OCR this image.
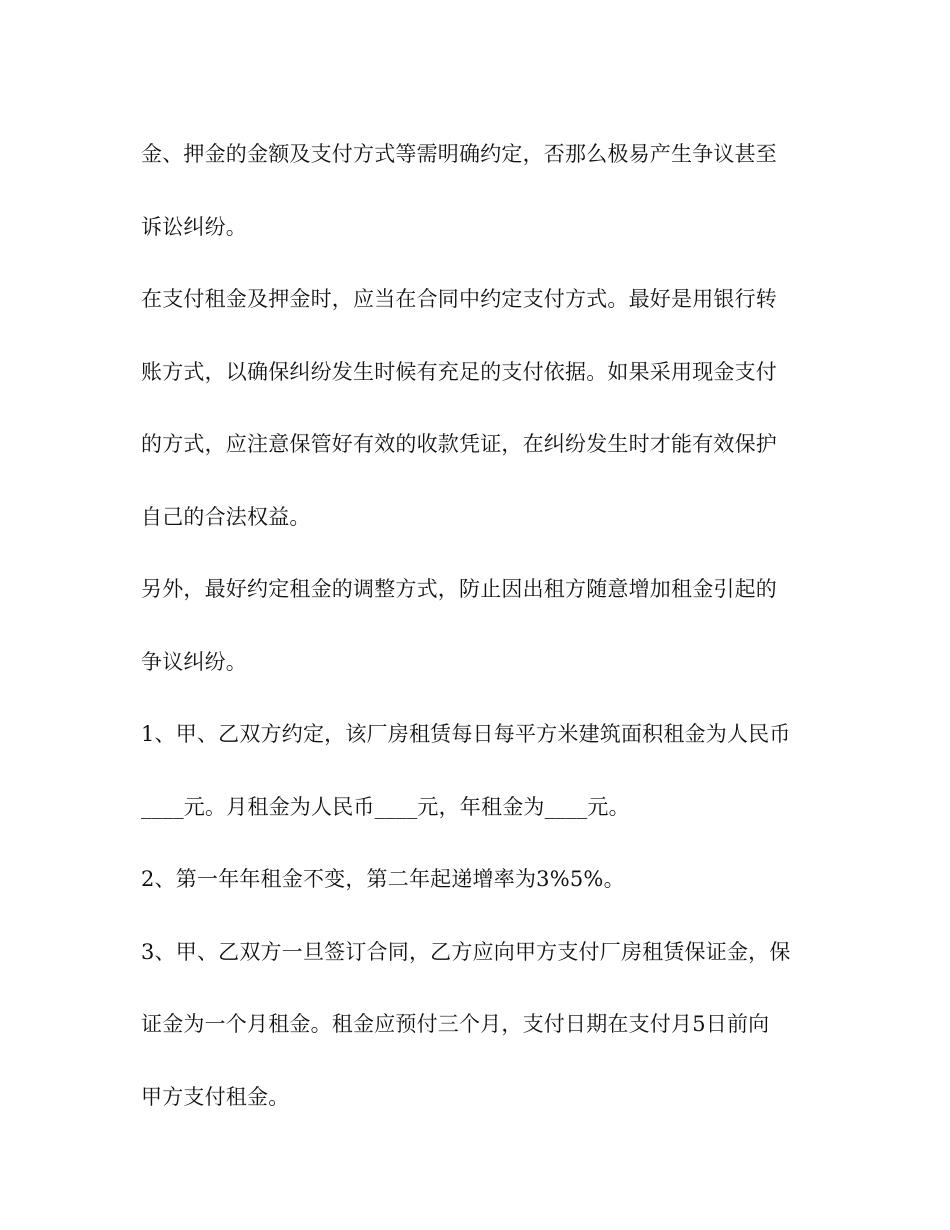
金、押金的金额及支付方式等需明确约定，否那么极易产生争议甚至
诉讼纠纷。
在支付租金及押金时，应当在合同中约定支付方式。最好是用银行转
账方式，以确保纠纷发生时候有充足的支付依据。如果采用现金支付
的方式，应注意保管好有效的收款凭证，在纠纷发生时才能有效保护
自己的合法权益。
另外，最好约定租金的调整方式，防止因出租方随意增加租金引起的
争议纠纷。
1、甲、乙双方约定，该厂房租赁每日每平方米建筑面积租金为人民币
____元。月租金为人民币____元，年租金为____元。
2、第一年年租金不变，第二年起递增率为3%5%。
3、甲、乙双方一旦签订合同，乙方应向甲方支付厂房租赁保证金，保
证金为一个月租金。租金应预付三个月，支付日期在支付月5日前向
甲方支付租金。
